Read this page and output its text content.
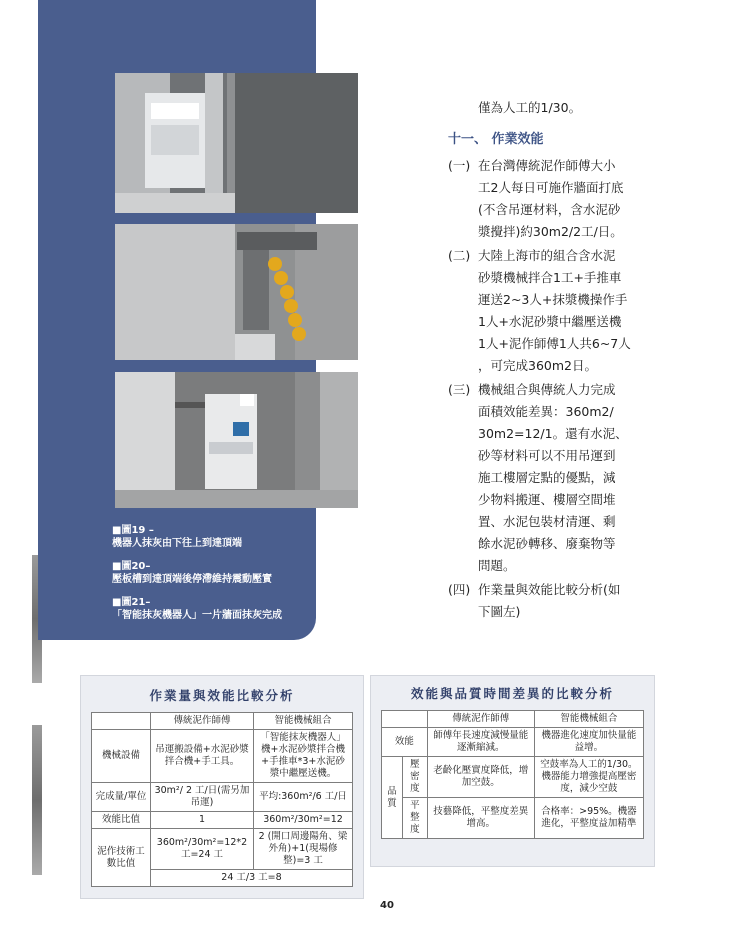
■圖19 –
機器人抹灰由下往上到達頂端
■圖20–
壓板槽到達頂端後停滯維持震動壓實
■圖21–
「智能抹灰機器人」一片牆面抹灰完成
僅為人工的1/30。
十一、 作業效能
(一) 在台灣傳統泥作師傅大小
工2人每日可施作牆面打底
(不含吊運材料，含水泥砂
漿攪拌)約30m2/2工/日。
(二) 大陸上海市的組合含水泥
砂漿機械拌合1工+手推車
運送2~3人+抹漿機操作手
1人+水泥砂漿中繼壓送機
1人+泥作師傅1人共6~7人
，可完成360m2日。
(三) 機械組合與傳統人力完成
面積效能差異：360m2/
30m2=12/1。還有水泥、
砂等材料可以不用吊運到
施工樓層定點的優點，減
少物料搬運、樓層空間堆
置、水泥包裝材清運、剩
餘水泥砂轉移、廢棄物等
問題。
(四) 作業量與效能比較分析(如
下圖左)
作業量與效能比較分析
	傳統泥作師傅	智能機械組合
機械設備	吊運搬設備+水泥砂漿拌合機+手工具。	「智能抹灰機器人」機+水泥砂漿拌合機+手推車*3+水泥砂漿中繼壓送機。
完成量/單位	30m²/ 2 工/日(需另加吊運)	平均:360m²/6 工/日
效能比值	1	360m²/30m²=12
泥作技術工數比值	360m²/30m²=12*2 工=24 工	2 (開口周邊陽角、梁外角)+1(現場修整)=3 工
	24 工/3 工=8	
效能與品質時間差異的比較分析
		傳統泥作師傅	智能機械組合
效能		師傅年長速度減慢量能逐漸縮減。	機器進化速度加快量能益增。
品質	壓密度	老齡化壓實度降低，增加空鼓。	空鼓率為人工的1/30。機器能力增強提高壓密度，減少空鼓
	平整度	技藝降低，平整度差異增高。	合格率：>95%。機器進化，平整度益加精準
40
